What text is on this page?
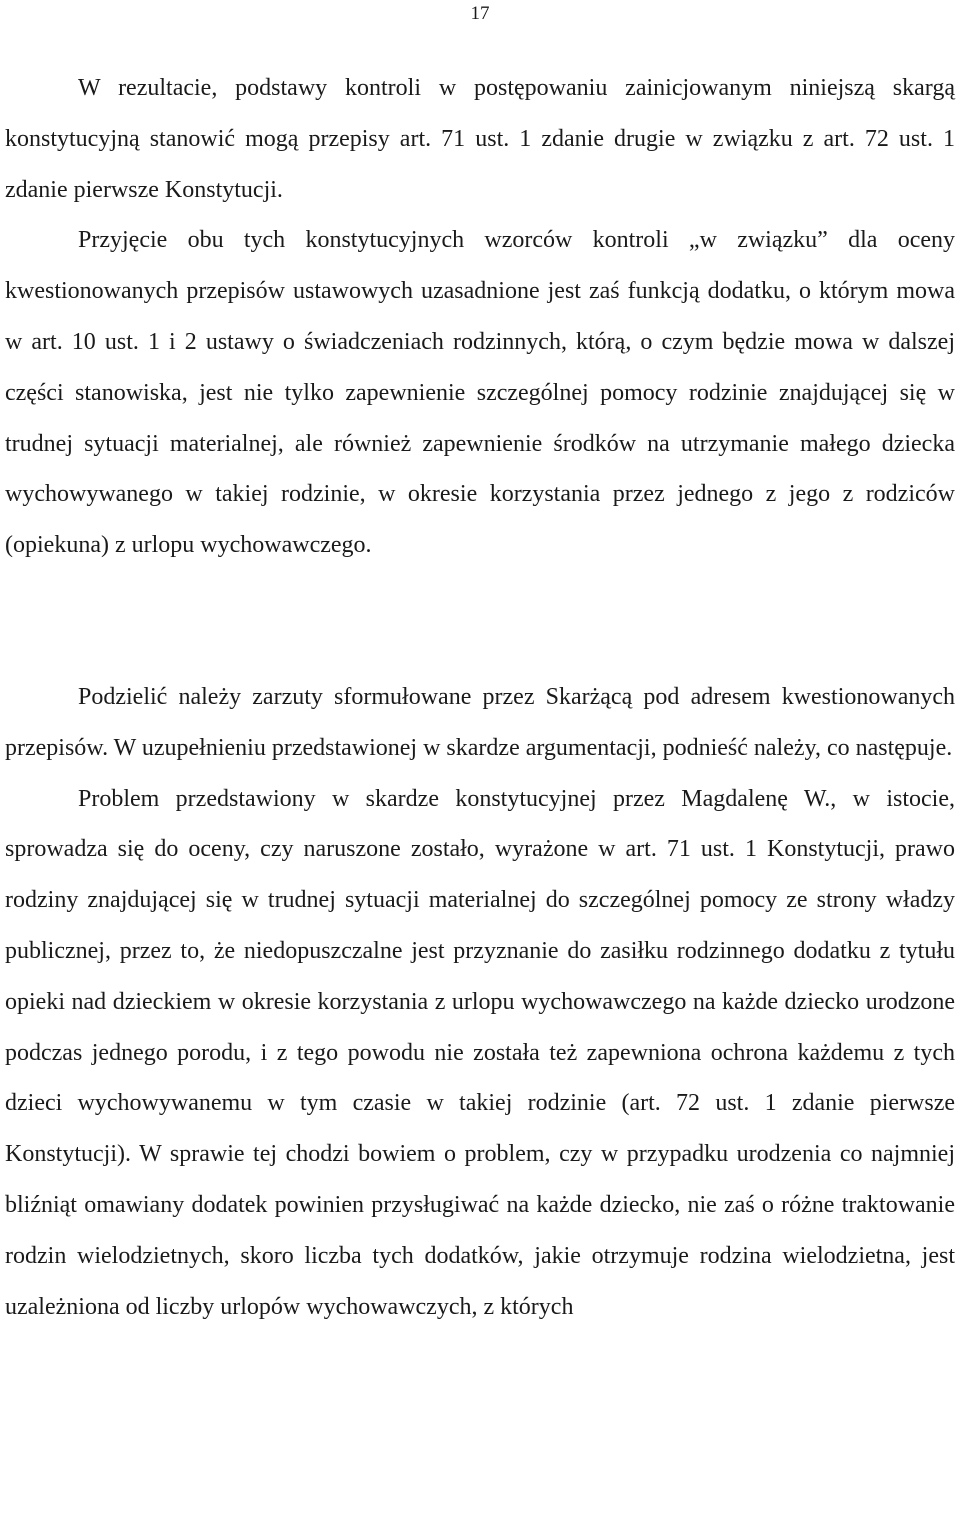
17

W rezultacie, podstawy kontroli w postępowaniu zainicjowanym niniejszą skargą konstytucyjną stanowić mogą przepisy art. 71 ust. 1 zdanie drugie w związku z art. 72 ust. 1 zdanie pierwsze Konstytucji.

Przyjęcie obu tych konstytucyjnych wzorców kontroli „w związku” dla oceny kwestionowanych przepisów ustawowych uzasadnione jest zaś funkcją dodatku, o którym mowa w art. 10 ust. 1 i 2 ustawy o świadczeniach rodzinnych, którą, o czym będzie mowa w dalszej części stanowiska, jest nie tylko zapewnienie szczególnej pomocy rodzinie znajdującej się w trudnej sytuacji materialnej, ale również zapewnienie środków na utrzymanie małego dziecka wychowywanego w takiej rodzinie, w okresie korzystania przez jednego z jego z rodziców (opiekuna) z urlopu wychowawczego.

Podzielić należy zarzuty sformułowane przez Skarżącą pod adresem kwestionowanych przepisów. W uzupełnieniu przedstawionej w skardze argumentacji, podnieść należy, co następuje.

Problem przedstawiony w skardze konstytucyjnej przez Magdalenę W., w istocie, sprowadza się do oceny, czy naruszone zostało, wyrażone w art. 71 ust. 1 Konstytucji, prawo rodziny znajdującej się w trudnej sytuacji materialnej do szczególnej pomocy ze strony władzy publicznej, przez to, że niedopuszczalne jest przyznanie do zasiłku rodzinnego dodatku z tytułu opieki nad dzieckiem w okresie korzystania z urlopu wychowawczego na każde dziecko urodzone podczas jednego porodu, i z tego powodu nie została też zapewniona ochrona każdemu z tych dzieci wychowywanemu w tym czasie w takiej rodzinie (art. 72 ust. 1 zdanie pierwsze Konstytucji). W sprawie tej chodzi bowiem o problem, czy w przypadku urodzenia co najmniej bliźniąt omawiany dodatek powinien przysługiwać na każde dziecko, nie zaś o różne traktowanie rodzin wielodzietnych, skoro liczba tych dodatków, jakie otrzymuje rodzina wielodzietna, jest uzależniona od liczby urlopów wychowawczych, z których
